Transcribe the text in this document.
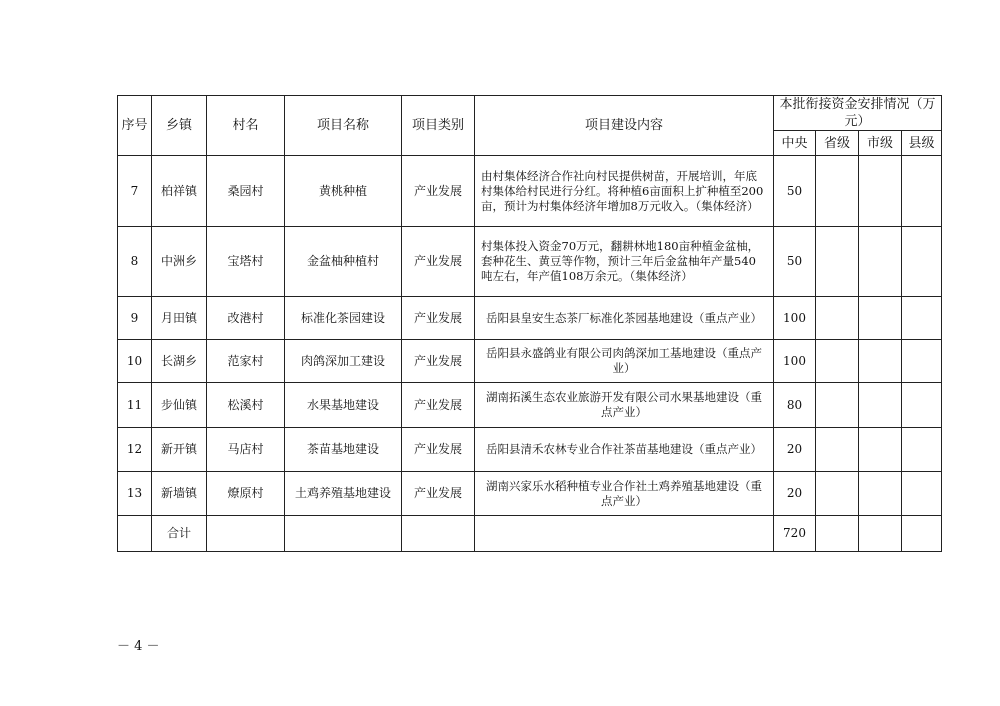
序号	乡镇	村名	项目名称	项目类别	项目建设内容	本批衔接资金安排情况（万元）			
						中央	省级	市级	县级
7	柏祥镇	桑园村	黄桃种植	产业发展	由村集体经济合作社向村民提供树苗，开展培训，年底村集体给村民进行分红。将种植6亩面积上扩种植至200亩，预计为村集体经济年增加8万元收入。（集体经济）	50			
8	中洲乡	宝塔村	金盆柚种植村	产业发展	村集体投入资金70万元，翻耕林地180亩种植金盆柚，套种花生、黄豆等作物，预计三年后金盆柚年产量540吨左右，年产值108万余元。（集体经济）	50			
9	月田镇	改港村	标准化茶园建设	产业发展	岳阳县皇安生态茶厂标准化茶园基地建设（重点产业）	100			
10	长湖乡	范家村	肉鸽深加工建设	产业发展	岳阳县永盛鸽业有限公司肉鸽深加工基地建设（重点产业）	100			
11	步仙镇	松溪村	水果基地建设	产业发展	湖南拓溪生态农业旅游开发有限公司水果基地建设（重点产业）	80			
12	新开镇	马店村	茶苗基地建设	产业发展	岳阳县清禾农林专业合作社茶苗基地建设（重点产业）	20			
13	新墙镇	燎原村	土鸡养殖基地建设	产业发展	湖南兴家乐水稻种植专业合作社土鸡养殖基地建设（重点产业）	20			
	合计					720			
－ 4 －
